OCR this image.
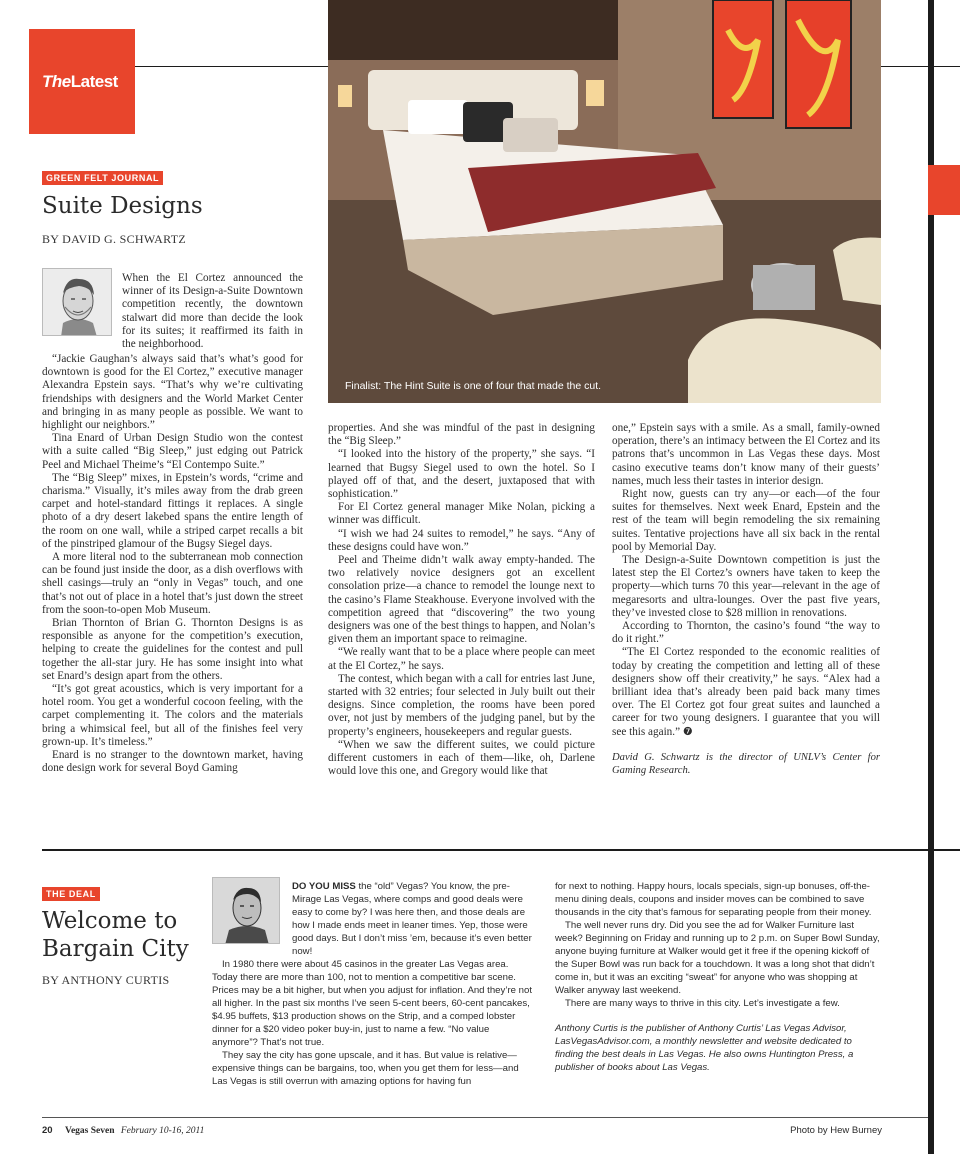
TheLatest
GREEN FELT JOURNAL
Suite Designs
BY DAVID G. SCHWARTZ
Finalist: The Hint Suite is one of four that made the cut.

When the El Cortez announced the winner of its Design-a-Suite Downtown competition recently, the downtown stalwart did more than decide the look for its suites; it reaffirmed its faith in the neighborhood.

“Jackie Gaughan’s always said that’s what’s good for downtown is good for the El Cortez,” executive manager Alexandra Epstein says. “That’s why we’re cultivating friendships with designers and the World Market Center and bringing in as many people as possible. We want to highlight our neighbors.”

Tina Enard of Urban Design Studio won the contest with a suite called “Big Sleep,” just edging out Patrick Peel and Michael Theime’s “El Contempo Suite.”

The “Big Sleep” mixes, in Epstein’s words, “crime and charisma.” Visually, it’s miles away from the drab green carpet and hotel-standard fittings it replaces. A single photo of a dry desert lakebed spans the entire length of the room on one wall, while a striped carpet recalls a bit of the pinstriped glamour of the Bugsy Siegel days.

A more literal nod to the subterranean mob connection can be found just inside the door, as a dish overflows with shell casings—truly an “only in Vegas” touch, and one that’s not out of place in a hotel that’s just down the street from the soon-to-open Mob Museum.

Brian Thornton of Brian G. Thornton Designs is as responsible as anyone for the competition’s execution, helping to create the guidelines for the contest and pull together the all-star jury. He has some insight into what set Enard’s design apart from the others.

“It’s got great acoustics, which is very important for a hotel room. You get a wonderful cocoon feeling, with the carpet complementing it. The colors and the materials bring a whimsical feel, but all of the finishes feel very grown-up. It’s timeless.”

Enard is no stranger to the downtown market, having done design work for several Boyd Gaming

properties. And she was mindful of the past in designing the “Big Sleep.”

“I looked into the history of the property,” she says. “I learned that Bugsy Siegel used to own the hotel. So I played off of that, and the desert, juxtaposed that with sophistication.”

For El Cortez general manager Mike Nolan, picking a winner was difficult.

“I wish we had 24 suites to remodel,” he says. “Any of these designs could have won.”

Peel and Theime didn’t walk away empty-handed. The two relatively novice designers got an excellent consolation prize—a chance to remodel the lounge next to the casino’s Flame Steakhouse. Everyone involved with the competition agreed that “discovering” the two young designers was one of the best things to happen, and Nolan’s given them an important space to reimagine.

“We really want that to be a place where people can meet at the El Cortez,” he says.

The contest, which began with a call for entries last June, started with 32 entries; four selected in July built out their designs. Since completion, the rooms have been pored over, not just by members of the judging panel, but by the property’s engineers, housekeepers and regular guests.

“When we saw the different suites, we could picture different customers in each of them—like, oh, Darlene would love this one, and Gregory would like that

one,” Epstein says with a smile. As a small, family-owned operation, there’s an intimacy between the El Cortez and its patrons that’s uncommon in Las Vegas these days. Most casino executive teams don’t know many of their guests’ names, much less their tastes in interior design.

Right now, guests can try any—or each—of the four suites for themselves. Next week Enard, Epstein and the rest of the team will begin remodeling the six remaining suites. Tentative projections have all six back in the rental pool by Memorial Day.

The Design-a-Suite Downtown competition is just the latest step the El Cortez’s owners have taken to keep the property—which turns 70 this year—relevant in the age of megaresorts and ultra-lounges. Over the past five years, they’ve invested close to $28 million in renovations.

According to Thornton, the casino’s found “the way to do it right.”

“The El Cortez responded to the economic realities of today by creating the competition and letting all of these designers show off their creativity,” he says. “Alex had a brilliant idea that’s already been paid back many times over. The El Cortez got four great suites and launched a career for two young designers. I guarantee that you will see this again.” ❼

David G. Schwartz is the director of UNLV’s Center for Gaming Research.

THE DEAL
Welcome to
Bargain City
BY ANTHONY CURTIS

DO YOU MISS the “old” Vegas? You know, the pre-Mirage Las Vegas, where comps and good deals were easy to come by? I was here then, and those deals are how I made ends meet in leaner times. Yep, those were good days. But I don’t miss ’em, because it’s even better now!

In 1980 there were about 45 casinos in the greater Las Vegas area. Today there are more than 100, not to mention a competitive bar scene. Prices may be a bit higher, but when you adjust for inflation. And they’re not all higher. In the past six months I’ve seen 5-cent beers, 60-cent pancakes, $4.95 buffets, $13 production shows on the Strip, and a comped lobster dinner for a $20 video poker buy-in, just to name a few. “No value anymore”? That’s not true.

They say the city has gone upscale, and it has. But value is relative—expensive things can be bargains, too, when you get them for less—and Las Vegas is still overrun with amazing options for having fun

for next to nothing. Happy hours, locals specials, sign-up bonuses, off-the-menu dining deals, coupons and insider moves can be combined to save thousands in the city that’s famous for separating people from their money.

The well never runs dry. Did you see the ad for Walker Furniture last week? Beginning on Friday and running up to 2 p.m. on Super Bowl Sunday, anyone buying furniture at Walker would get it free if the opening kickoff of the Super Bowl was run back for a touchdown. It was a long shot that didn’t come in, but it was an exciting “sweat” for anyone who was shopping at Walker anyway last weekend.

There are many ways to thrive in this city. Let’s investigate a few.

Anthony Curtis is the publisher of Anthony Curtis’ Las Vegas Advisor, LasVegasAdvisor.com, a monthly newsletter and website dedicated to finding the best deals in Las Vegas. He also owns Huntington Press, a publisher of books about Las Vegas.

20 Vegas Seven February 10-16, 2011	Photo by Hew Burney
